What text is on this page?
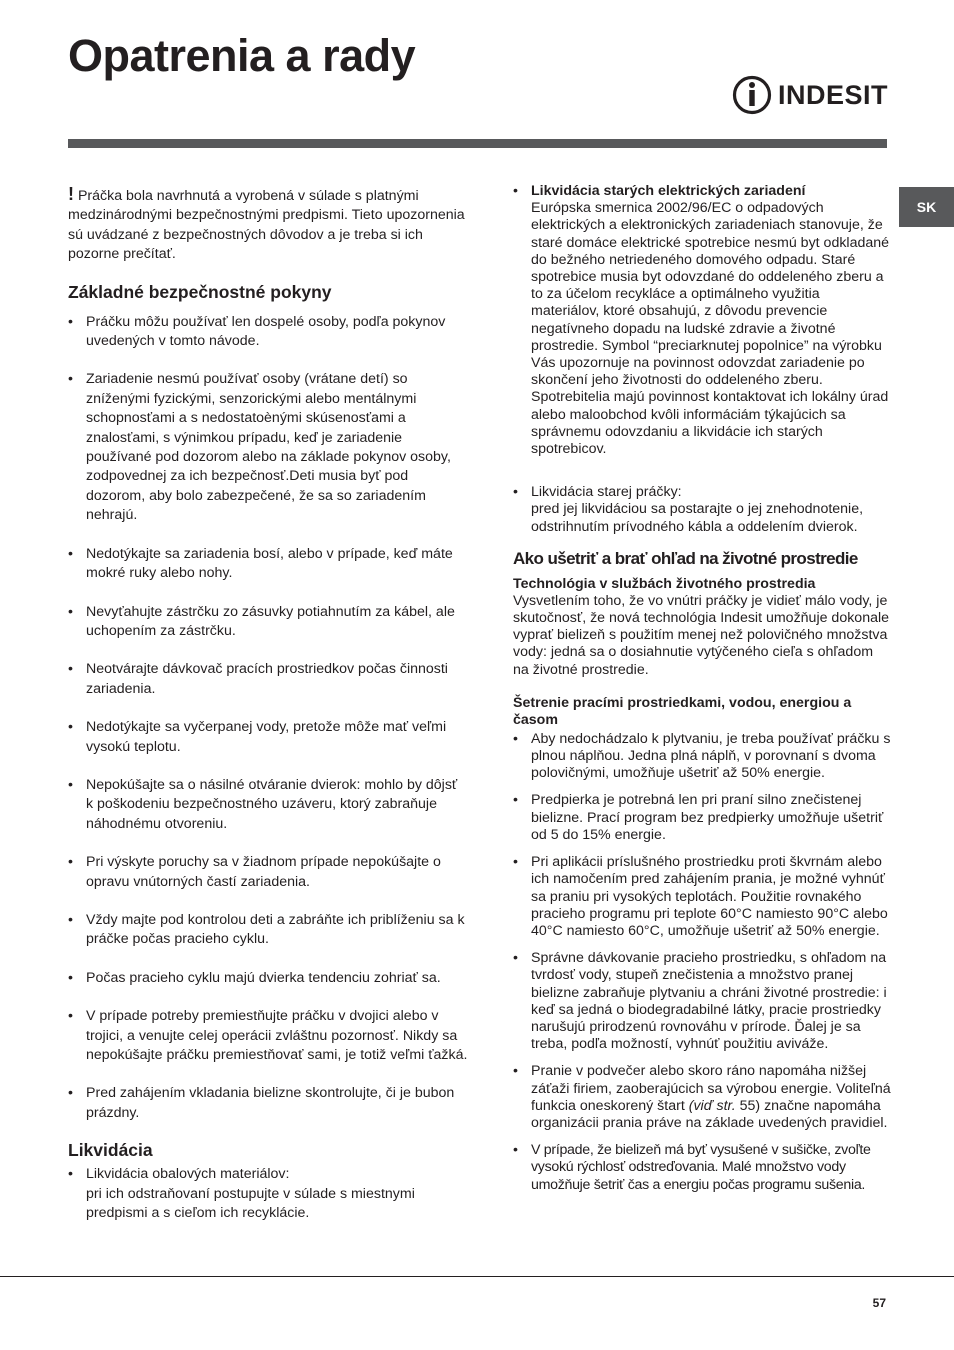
Opatrenia a rady
INDESIT
SK

! Práčka bola navrhnutá a vyrobená v súlade s platnými medzinárodnými bezpečnostnými predpismi. Tieto upozornenia sú uvádzané z bezpečnostných dôvodov a je treba si ich pozorne prečítať.

Základné bezpečnostné pokyny
• Práčku môžu používať len dospelé osoby, podľa pokynov uvedených v tomto návode.
• Zariadenie nesmú používať osoby (vrátane detí) so zníženými fyzickými, senzorickými alebo mentálnymi schopnosťami a s nedostatoènými skúsenosťami a znalosťami, s výnimkou prípadu, keď je zariadenie používané pod dozorom alebo na základe pokynov osoby, zodpovednej za ich bezpečnosť.Deti musia byť pod dozorom, aby bolo zabezpečené, že sa so zariadením nehrajú.
• Nedotýkajte sa zariadenia bosí, alebo v prípade, keď máte mokré ruky alebo nohy.
• Nevyťahujte zástrčku zo zásuvky potiahnutím za kábel, ale uchopením za zástrčku.
• Neotvárajte dávkovač pracích prostriedkov počas činnosti zariadenia.
• Nedotýkajte sa vyčerpanej vody, pretože môže mať veľmi vysokú teplotu.
• Nepokúšajte sa o násilné otváranie dvierok: mohlo by dôjsť k poškodeniu bezpečnostného uzáveru, ktorý zabraňuje náhodnému otvoreniu.
• Pri výskyte poruchy sa v žiadnom prípade nepokúšajte o opravu vnútorných častí zariadenia.
• Vždy majte pod kontrolou deti a zabráňte ich priblíženiu sa k práčke počas pracieho cyklu.
• Počas pracieho cyklu majú dvierka tendenciu zohriať sa.
• V prípade potreby premiestňujte práčku v dvojici alebo v trojici, a venujte celej operácii zvláštnu pozornosť. Nikdy sa nepokúšajte práčku premiestňovať sami, je totiž veľmi ťažká.
• Pred zahájením vkladania bielizne skontrolujte, či je bubon prázdny.
Likvidácia
• Likvidácia obalových materiálov:
pri ich odstraňovaní postupujte v súlade s miestnymi predpismi a s cieľom ich recyklácie.
• Likvidácia starých elektrických zariadení
Európska smernica 2002/96/EC o odpadových elektrických a elektronických zariadeniach stanovuje, že staré domáce elektrické spotrebice nesmú byt odkladané do bežného netriedeného domového odpadu. Staré spotrebice musia byt odovzdané do oddeleného zberu a to za účelom recykláce a optimálneho využitia materiálov, ktoré obsahujú, z dôvodu prevencie negatívneho dopadu na ludské zdravie a životné prostredie. Symbol “preciarknutej popolnice” na výrobku Vás upozornuje na povinnost odovzdat zariadenie po skončení jeho životnosti do oddeleného zberu. Spotrebitelia majú povinnost kontaktovat ich lokálny úrad alebo maloobchod kvôli informáciám týkajúcich sa správnemu odovzdaniu a likvidácie ich starých spotrebicov.
• Likvidácia starej práčky:
pred jej likvidáciou sa postarajte o jej znehodnotenie, odstrihnutím prívodného kábla a oddelením dvierok.
Ako ušetriť a brať ohľad na životné prostredie
Technológia v službách životného prostredia

Vysvetlením toho, že vo vnútri práčky je vidieť málo vody, je skutočnosť, že nová technológia Indesit umožňuje dokonale vyprať bielizeň s použitím menej než polovičného množstva vody: jedná sa o dosiahnutie vytýčeného cieľa s ohľadom na životné prostredie.

Šetrenie pracími prostriedkami, vodou, energiou a časom
• Aby nedochádzalo k plytvaniu, je treba používať práčku s plnou náplňou. Jedna plná náplň, v porovnaní s dvoma polovičnými, umožňuje ušetriť až 50% energie.
• Predpierka je potrebná len pri praní silno znečistenej bielizne. Prací program bez predpierky umožňuje ušetriť od 5 do 15% energie.
• Pri aplikácii príslušného prostriedku proti škvrnám alebo ich namočením pred zahájením prania, je možné vyhnúť sa praniu pri vysokých teplotách. Použitie rovnakého pracieho programu pri teplote 60°C namiesto 90°C alebo 40°C namiesto 60°C, umožňuje ušetriť až 50% energie.
• Správne dávkovanie pracieho prostriedku, s ohľadom na tvrdosť vody, stupeň znečistenia a množstvo pranej bielizne zabraňuje plytvaniu a chráni životné prostredie: i keď sa jedná o biodegradabilné látky, pracie prostriedky narušujú prirodzenú rovnováhu v prírode. Ďalej je sa treba, podľa možností, vyhnúť použitiu avivážе.
• Pranie v podvečer alebo skoro ráno napomáha nižšej záťaži firiem, zaoberajúcich sa výrobou energie. Voliteľná funkcia oneskorený štart (viď str. 55) značne napomáha organizácii prania práve na základe uvedených pravidiel.
• V prípade, že bielizeň má byť vysušené v sušičke, zvoľte vysokú rýchlosť odstreďovania. Malé množstvo vody umožňuje šetriť čas a energiu počas programu sušenia.
57
